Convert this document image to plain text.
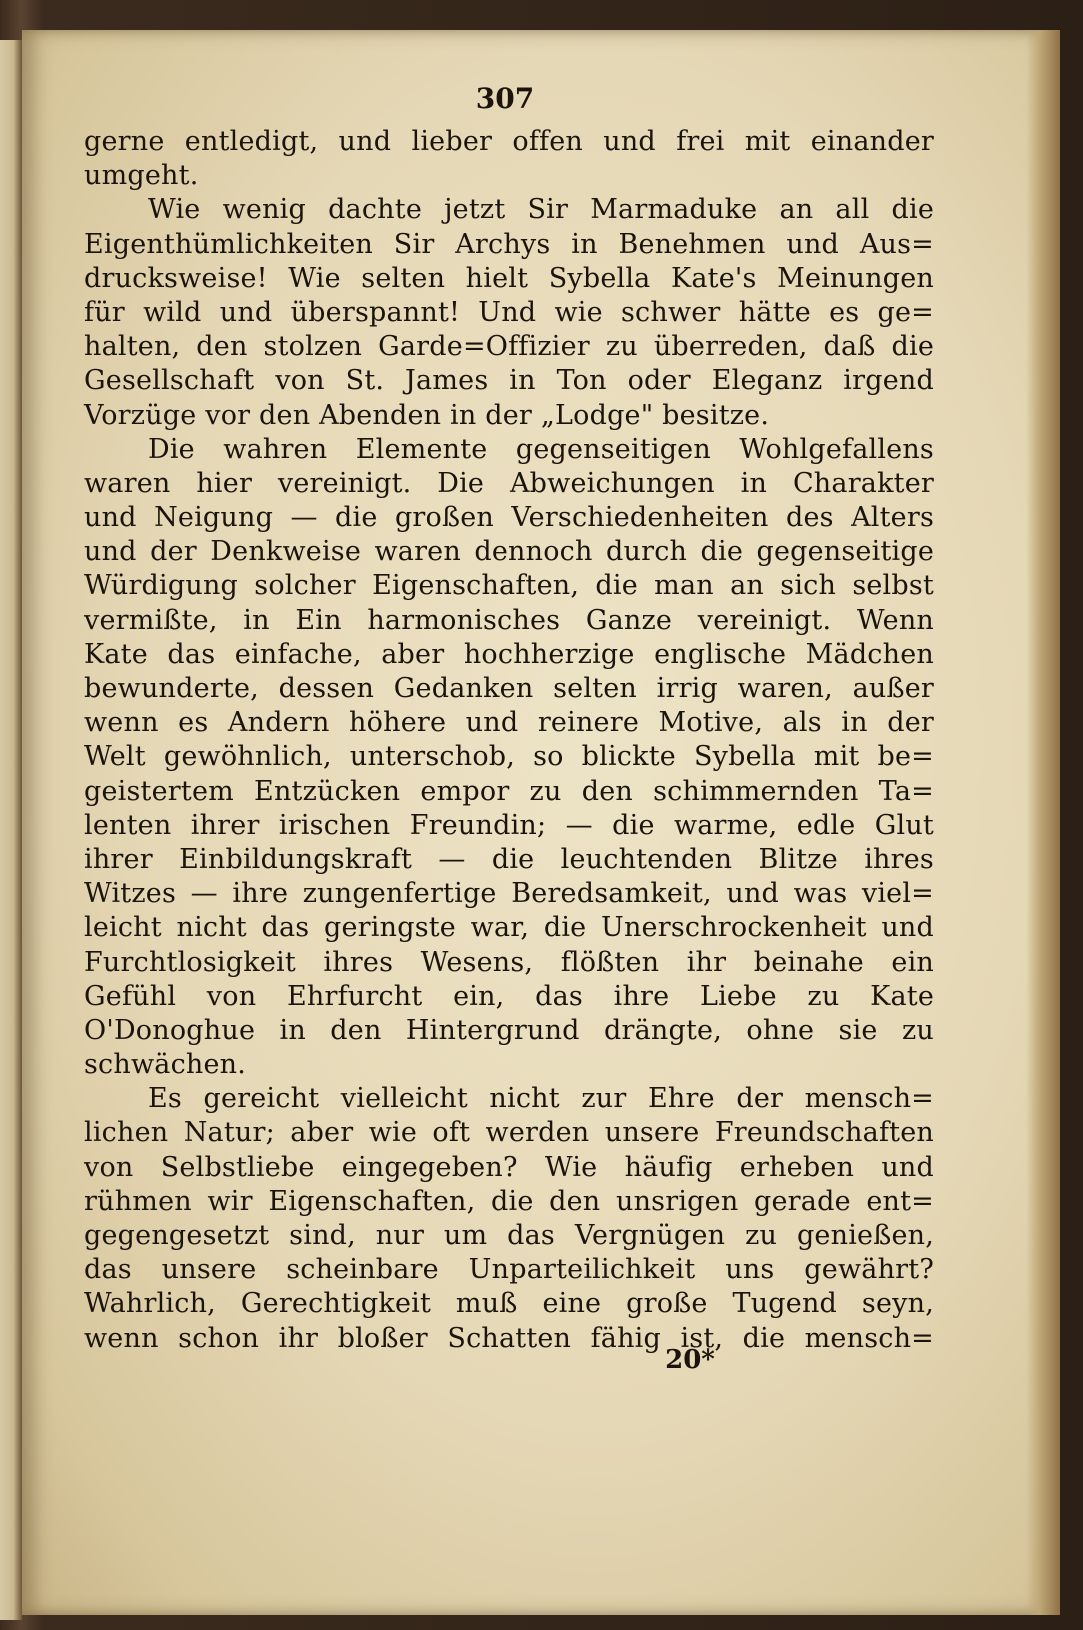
307
gerne entledigt, und lieber offen und frei mit einander
umgeht.
Wie wenig dachte jetzt Sir Marmaduke an all die
Eigenthümlichkeiten Sir Archys in Benehmen und Aus=
drucksweise! Wie selten hielt Sybella Kate's Meinungen
für wild und überspannt! Und wie schwer hätte es ge=
halten, den stolzen Garde=Offizier zu überreden, daß die
Gesellschaft von St. James in Ton oder Eleganz irgend
Vorzüge vor den Abenden in der „Lodge" besitze.
Die wahren Elemente gegenseitigen Wohlgefallens
waren hier vereinigt. Die Abweichungen in Charakter
und Neigung — die großen Verschiedenheiten des Alters
und der Denkweise waren dennoch durch die gegenseitige
Würdigung solcher Eigenschaften, die man an sich selbst
vermißte, in Ein harmonisches Ganze vereinigt. Wenn
Kate das einfache, aber hochherzige englische Mädchen
bewunderte, dessen Gedanken selten irrig waren, außer
wenn es Andern höhere und reinere Motive, als in der
Welt gewöhnlich, unterschob, so blickte Sybella mit be=
geistertem Entzücken empor zu den schimmernden Ta=
lenten ihrer irischen Freundin; — die warme, edle Glut
ihrer Einbildungskraft — die leuchtenden Blitze ihres
Witzes — ihre zungenfertige Beredsamkeit, und was viel=
leicht nicht das geringste war, die Unerschrockenheit und
Furchtlosigkeit ihres Wesens, flößten ihr beinahe ein
Gefühl von Ehrfurcht ein, das ihre Liebe zu Kate
O'Donoghue in den Hintergrund drängte, ohne sie zu
schwächen.
Es gereicht vielleicht nicht zur Ehre der mensch=
lichen Natur; aber wie oft werden unsere Freundschaften
von Selbstliebe eingegeben? Wie häufig erheben und
rühmen wir Eigenschaften, die den unsrigen gerade ent=
gegengesetzt sind, nur um das Vergnügen zu genießen,
das unsere scheinbare Unparteilichkeit uns gewährt?
Wahrlich, Gerechtigkeit muß eine große Tugend seyn,
wenn schon ihr bloßer Schatten fähig ist, die mensch=
20*
